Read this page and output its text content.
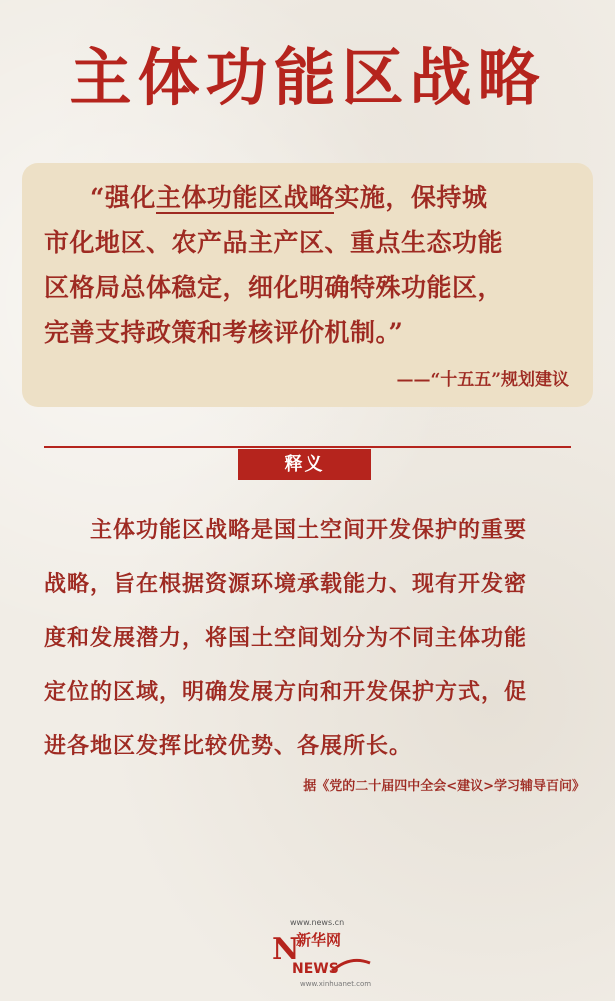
主体功能区战略
“强化主体功能区战略实施，保持城
市化地区、农产品主产区、重点生态功能
区格局总体稳定，细化明确特殊功能区，
完善支持政策和考核评价机制。”
——“十五五”规划建议
释义
主体功能区战略是国土空间开发保护的重要
战略，旨在根据资源环境承载能力、现有开发密
度和发展潜力，将国土空间划分为不同主体功能
定位的区域，明确发展方向和开发保护方式，促
进各地区发挥比较优势、各展所长。
据《党的二十届四中全会<建议>学习辅导百问》
www.news.cn
N
新华网
NEWS
www.xinhuanet.com
